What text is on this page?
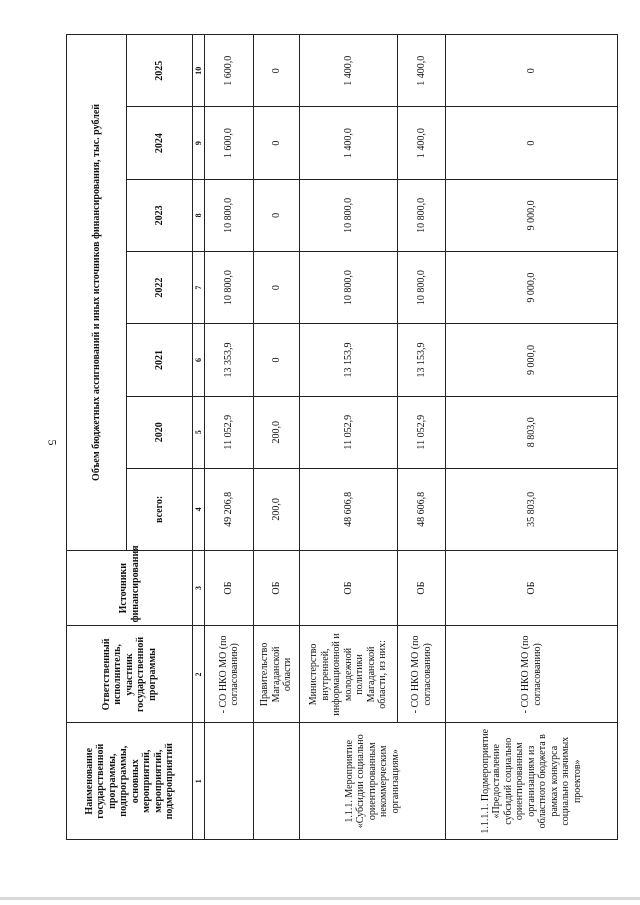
5
Наименование государственной программы, подпрограммы, основных мероприятий, мероприятий, подмероприятий	Ответственный исполнитель, участник государственной программы	Источники финансирования	Объем бюджетных ассигнований и иных источников финансирования, тыс. рублей						
			всего:	2020	2021	2022	2023	2024	2025
1	2	3	4	5	6	7	8	9	10
	- СО НКО МО (по согласованию)	ОБ	49 206,8	11 052,9	13 353,9	10 800,0	10 800,0	1 600,0	1 600,0
	Правительство Магаданской области	ОБ	200,0	200,0	0	0	0	0	0
1.1.1. Мероприятие «Субсидии социально ориентированным некоммерческим организациям»	Министерство внутренней, информационной и молодежной политики Магаданской области, из них:	ОБ	48 606,8	11 052,9	13 153,9	10 800,0	10 800,0	1 400,0	1 400,0
	- СО НКО МО (по согласованию)	ОБ	48 606,8	11 052,9	13 153,9	10 800,0	10 800,0	1 400,0	1 400,0
1.1.1.1. Подмероприятие «Предоставление субсидий социально ориентированным организациям из областного бюджета в рамках конкурса социально значимых проектов»	- СО НКО МО (по согласованию)	ОБ	35 803,0	8 803,0	9 000,0	9 000,0	9 000,0	0	0
